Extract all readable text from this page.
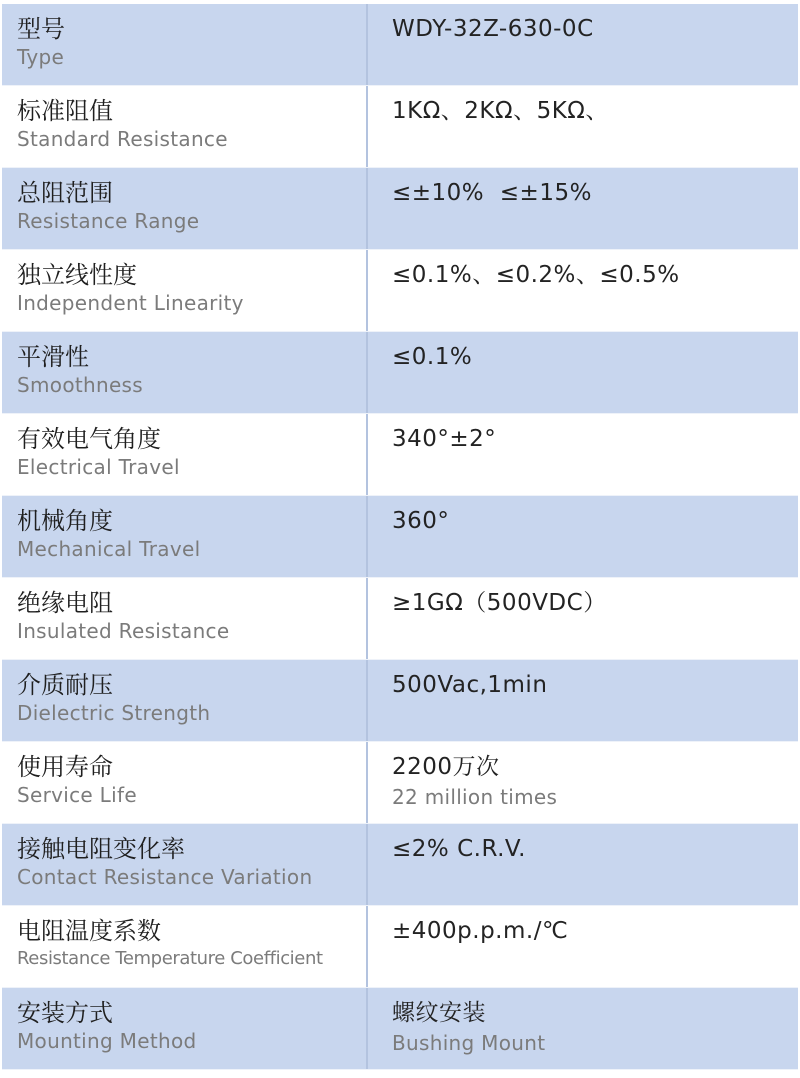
型号
Type
WDY-32Z-630-0C
标准阻值
Standard Resistance
1KΩ、2KΩ、5KΩ、
总阻范围
Resistance Range
≤±10%  ≤±15%
独立线性度
Independent Linearity
≤0.1%、≤0.2%、≤0.5%
平滑性
Smoothness
≤0.1%
有效电气角度
Electrical Travel
340°±2°
机械角度
Mechanical Travel
360°
绝缘电阻
Insulated Resistance
≥1GΩ（500VDC）
介质耐压
Dielectric Strength
500Vac,1min
使用寿命
Service Life
2200万次
22 million times
接触电阻变化率
Contact Resistance Variation
≤2% C.R.V.
电阻温度系数
Resistance Temperature Coefficient
±400p.p.m./℃
安装方式
Mounting Method
螺纹安装
Bushing Mount
